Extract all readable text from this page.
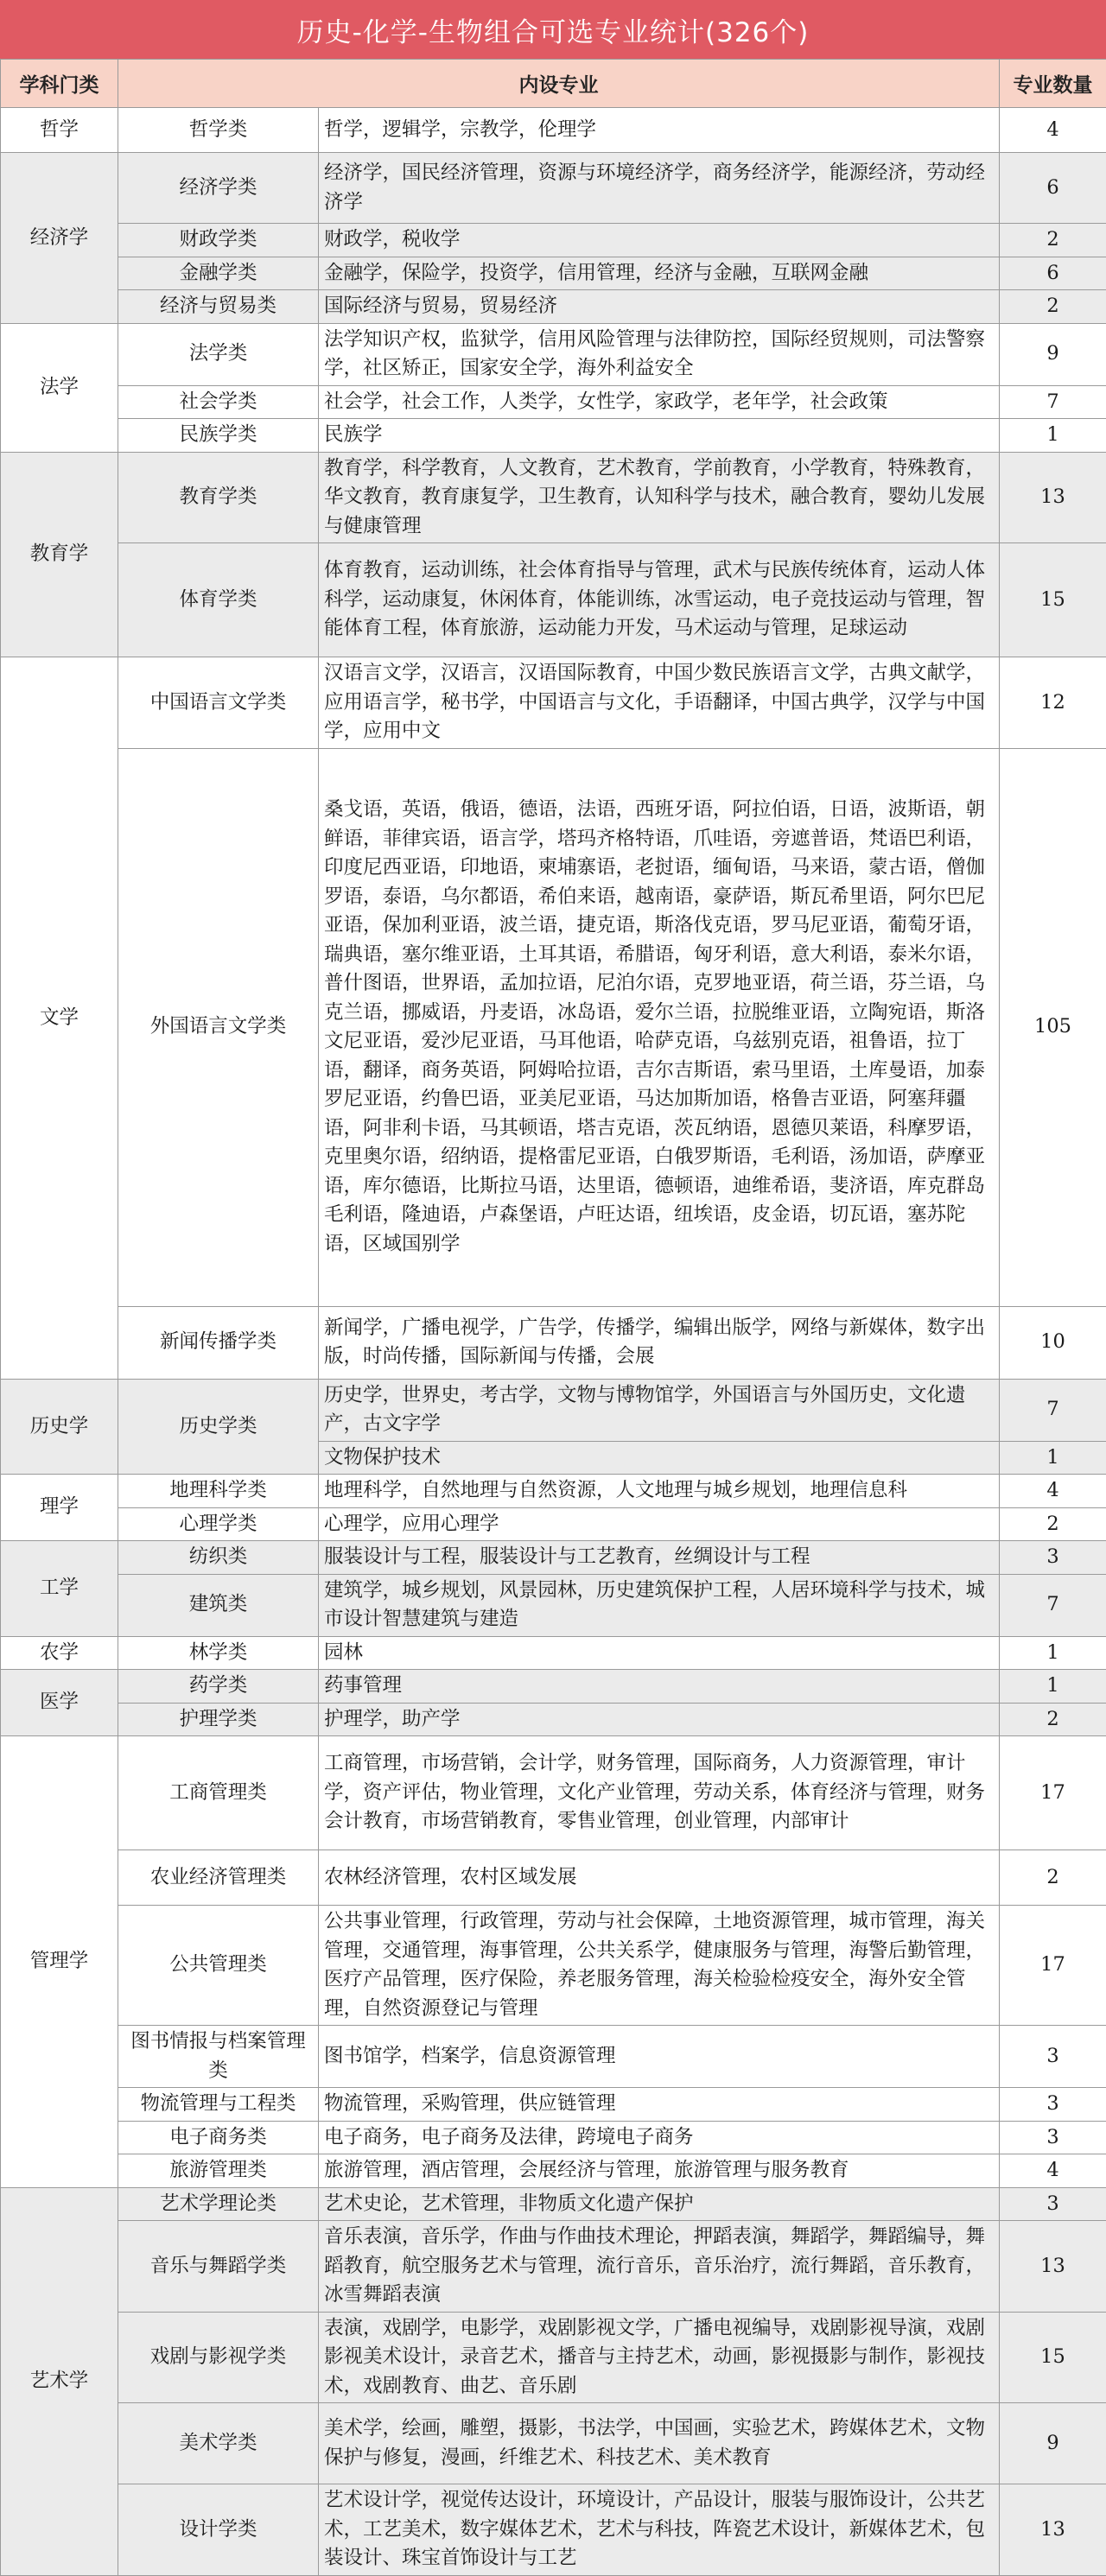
历史-化学-生物组合可选专业统计(326个)
学科门类	内设专业		专业数量
哲学	哲学类	哲学，逻辑学，宗教学，伦理学	4
经济学	经济学类	经济学，国民经济管理，资源与环境经济学，商务经济学，能源经济，劳动经济学	6
	财政学类	财政学，税收学	2
	金融学类	金融学，保险学，投资学，信用管理，经济与金融，互联网金融	6
	经济与贸易类	国际经济与贸易，贸易经济	2
法学	法学类	法学知识产权，监狱学，信用风险管理与法律防控，国际经贸规则，司法警察学，社区矫正，国家安全学，海外利益安全	9
	社会学类	社会学，社会工作，人类学，女性学，家政学，老年学，社会政策	7
	民族学类	民族学	1
教育学	教育学类	教育学，科学教育，人文教育，艺术教育，学前教育，小学教育，特殊教育，华文教育，教育康复学，卫生教育，认知科学与技术，融合教育，婴幼儿发展与健康管理	13
	体育学类	体育教育，运动训练，社会体育指导与管理，武术与民族传统体育，运动人体科学，运动康复，休闲体育，体能训练，冰雪运动，电子竞技运动与管理，智能体育工程，体育旅游，运动能力开发，马术运动与管理，足球运动	15
文学	中国语言文学类	汉语言文学，汉语言，汉语国际教育，中国少数民族语言文学，古典文献学，应用语言学，秘书学，中国语言与文化，手语翻译，中国古典学，汉学与中国学，应用中文	12
	外国语言文学类	桑戈语，英语，俄语，德语，法语，西班牙语，阿拉伯语，日语，波斯语，朝鲜语，菲律宾语，语言学，塔玛齐格特语，爪哇语，旁遮普语，梵语巴利语，印度尼西亚语，印地语，柬埔寨语，老挝语，缅甸语，马来语，蒙古语，僧伽罗语，泰语，乌尔都语，希伯来语，越南语，豪萨语，斯瓦希里语，阿尔巴尼亚语，保加利亚语，波兰语，捷克语，斯洛伐克语，罗马尼亚语，葡萄牙语，瑞典语，塞尔维亚语，土耳其语，希腊语，匈牙利语，意大利语，泰米尔语，普什图语，世界语，孟加拉语，尼泊尔语，克罗地亚语，荷兰语，芬兰语，乌克兰语，挪威语，丹麦语，冰岛语，爱尔兰语，拉脱维亚语，立陶宛语，斯洛文尼亚语，爱沙尼亚语，马耳他语，哈萨克语，乌兹别克语，祖鲁语，拉丁语，翻译，商务英语，阿姆哈拉语，吉尔吉斯语，索马里语，土库曼语，加泰罗尼亚语，约鲁巴语，亚美尼亚语，马达加斯加语，格鲁吉亚语，阿塞拜疆语，阿非利卡语，马其顿语，塔吉克语，茨瓦纳语，恩德贝莱语，科摩罗语，克里奥尔语，绍纳语，提格雷尼亚语，白俄罗斯语，毛利语，汤加语，萨摩亚语，库尔德语，比斯拉马语，达里语，德顿语，迪维希语，斐济语，库克群岛毛利语，隆迪语，卢森堡语，卢旺达语，纽埃语，皮金语，切瓦语，塞苏陀语，区域国别学	105
	新闻传播学类	新闻学，广播电视学，广告学，传播学，编辑出版学，网络与新媒体，数字出版，时尚传播，国际新闻与传播，会展	10
历史学	历史学类	历史学，世界史，考古学，文物与博物馆学，外国语言与外国历史，文化遗产，古文字学	7
		文物保护技术	1
理学	地理科学类	地理科学，自然地理与自然资源，人文地理与城乡规划，地理信息科	4
	心理学类	心理学，应用心理学	2
工学	纺织类	服装设计与工程，服装设计与工艺教育，丝绸设计与工程	3
	建筑类	建筑学，城乡规划，风景园林，历史建筑保护工程，人居环境科学与技术，城市设计智慧建筑与建造	7
农学	林学类	园林	1
医学	药学类	药事管理	1
	护理学类	护理学，助产学	2
管理学	工商管理类	工商管理，市场营销，会计学，财务管理，国际商务，人力资源管理，审计学，资产评估，物业管理，文化产业管理，劳动关系，体育经济与管理，财务会计教育，市场营销教育，零售业管理，创业管理，内部审计	17
	农业经济管理类	农林经济管理，农村区域发展	2
	公共管理类	公共事业管理，行政管理，劳动与社会保障，土地资源管理，城市管理，海关管理，交通管理，海事管理，公共关系学，健康服务与管理，海警后勤管理，医疗产品管理，医疗保险，养老服务管理，海关检验检疫安全，海外安全管理，自然资源登记与管理	17
	图书情报与档案管理类	图书馆学，档案学，信息资源管理	3
	物流管理与工程类	物流管理，采购管理，供应链管理	3
	电子商务类	电子商务，电子商务及法律，跨境电子商务	3
	旅游管理类	旅游管理，酒店管理，会展经济与管理，旅游管理与服务教育	4
艺术学	艺术学理论类	艺术史论，艺术管理，非物质文化遗产保护	3
	音乐与舞蹈学类	音乐表演，音乐学，作曲与作曲技术理论，押蹈表演，舞蹈学，舞蹈编导，舞蹈教育，航空服务艺术与管理，流行音乐，音乐治疗，流行舞蹈，音乐教育，冰雪舞蹈表演	13
	戏剧与影视学类	表演，戏剧学，电影学，戏剧影视文学，广播电视编导，戏剧影视导演，戏剧影视美术设计，录音艺术，播音与主持艺术，动画，影视摄影与制作，影视技术，戏剧教育、曲艺、音乐剧	15
	美术学类	美术学，绘画，雕塑，摄影，书法学，中国画，实验艺术，跨媒体艺术，文物保护与修复，漫画，纤维艺术、科技艺术、美术教育	9
	设计学类	艺术设计学，视觉传达设计，环境设计，产品设计，服装与服饰设计，公共艺术，工艺美术，数字媒体艺术，艺术与科技，阵瓷艺术设计，新媒体艺术，包装设计、珠宝首饰设计与工艺	13
